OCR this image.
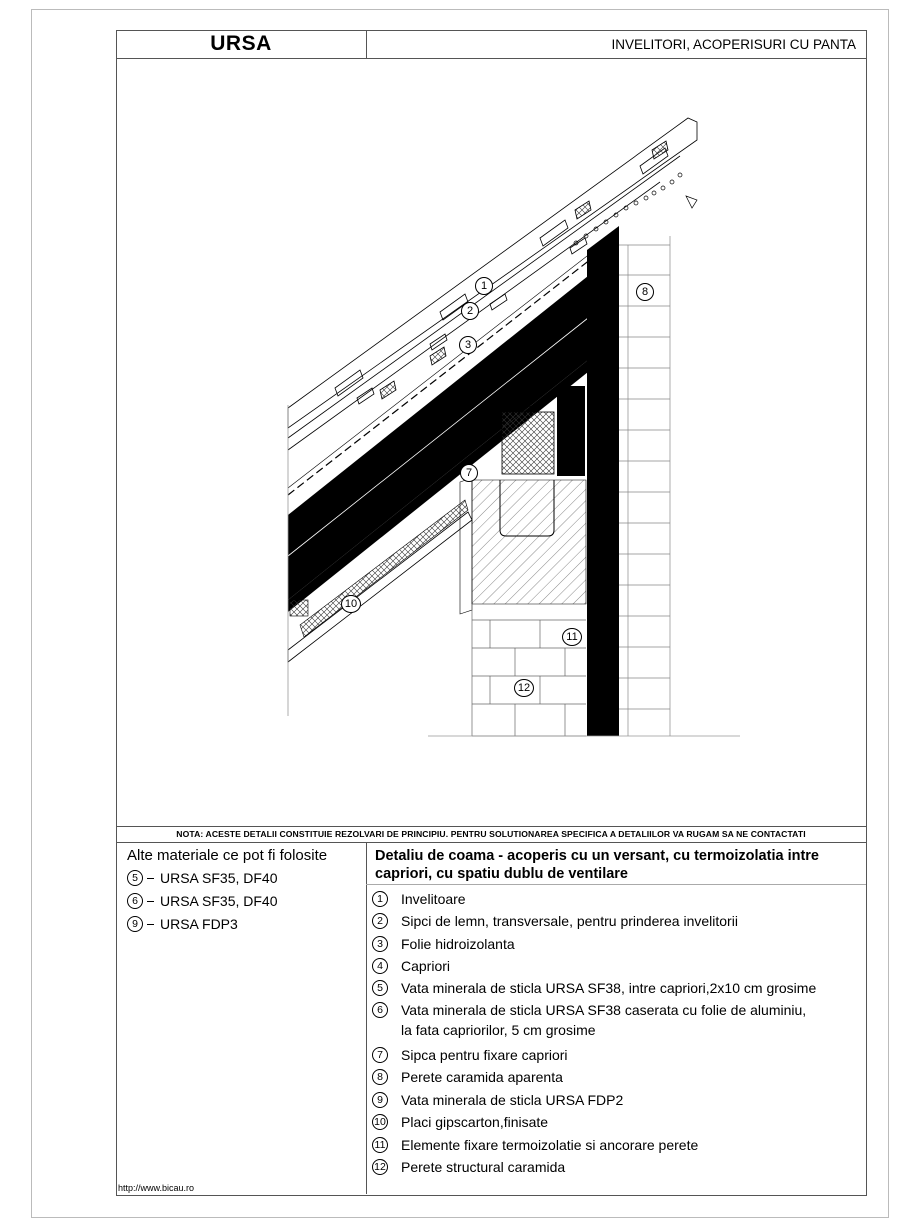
URSA	INVELITORI, ACOPERISURI CU PANTA
1
2
3
7
8
10
11
12
NOTA: ACESTE DETALII CONSTITUIE REZOLVARI DE PRINCIPIU. PENTRU SOLUTIONAREA SPECIFICA A DETALIILOR VA RUGAM SA NE CONTACTATI
Alte materiale ce pot fi folosite
5	URSA SF35, DF40
6	URSA SF35, DF40
9	URSA FDP3
Detaliu de coama - acoperis cu un versant, cu termoizolatia intre capriori, cu spatiu dublu de ventilare
1	Invelitoare
2	Sipci de lemn, transversale, pentru prinderea invelitorii
3	Folie hidroizolanta
4	Capriori
5	Vata minerala de sticla URSA SF38, intre capriori,2x10 cm grosime
6	Vata minerala de sticla URSA SF38 caserata cu folie de aluminiu,
la fata capriorilor, 5 cm grosime
7	Sipca pentru fixare capriori
8	Perete caramida aparenta
9	Vata minerala de sticla URSA FDP2
10 Placi gipscarton,finisate
11 Elemente fixare termoizolatie si ancorare perete
12 Perete structural caramida
http://www.bicau.ro
